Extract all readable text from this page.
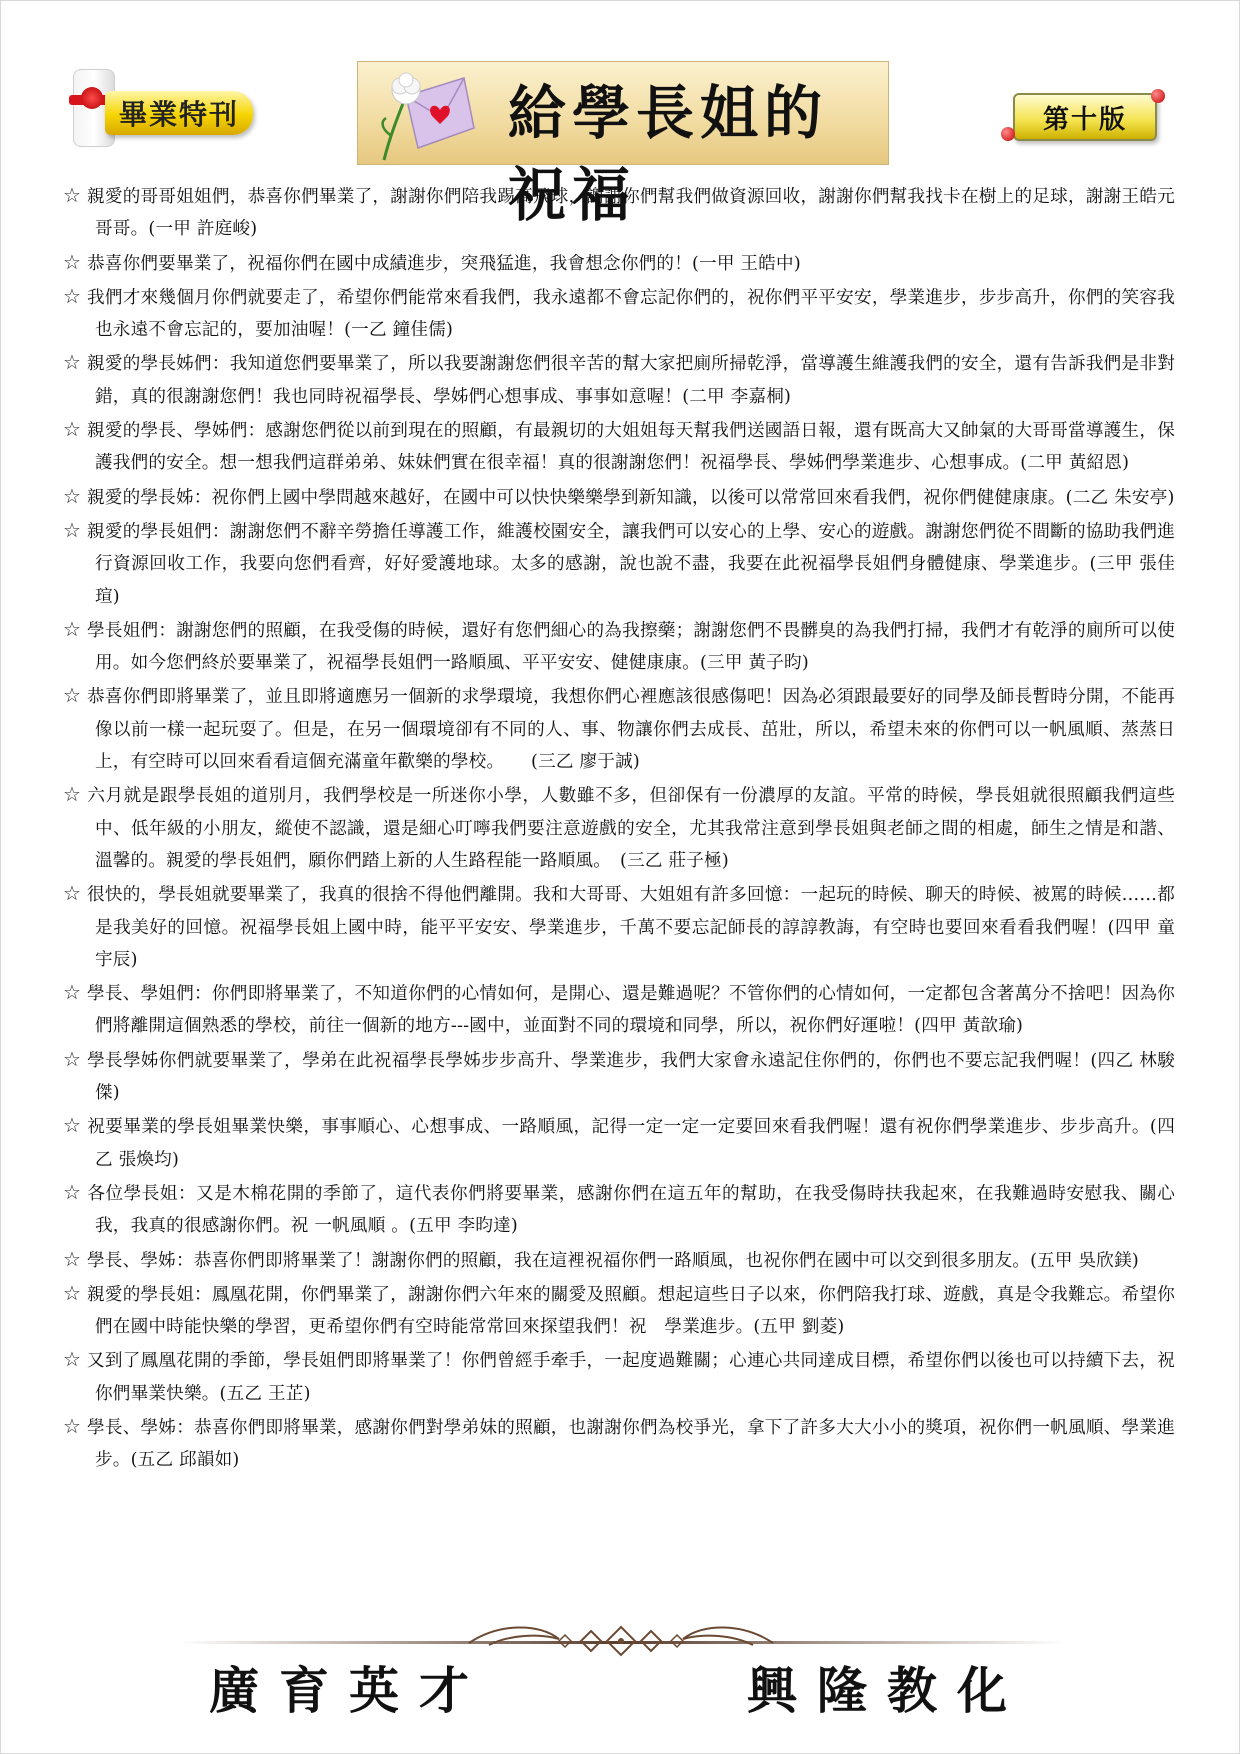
畢業特刊	給學長姐的祝福
第十版
☆ 親愛的哥哥姐姐們，恭喜你們畢業了，謝謝你們陪我踢高飛球，謝謝你們幫我們做資源回收，謝謝你們幫我找卡在樹上的足球，謝謝王皓元哥哥。(一甲 許庭峻)
☆ 恭喜你們要畢業了，祝福你們在國中成績進步，突飛猛進，我會想念你們的！(一甲 王皓中)
☆ 我們才來幾個月你們就要走了，希望你們能常來看我們，我永遠都不會忘記你們的，祝你們平平安安，學業進步，步步高升，你們的笑容我也永遠不會忘記的，要加油喔！(一乙 鐘佳儒)
☆ 親愛的學長姊們：我知道您們要畢業了，所以我要謝謝您們很辛苦的幫大家把廁所掃乾淨，當導護生維護我們的安全，還有告訴我們是非對錯，真的很謝謝您們！我也同時祝福學長、學姊們心想事成、事事如意喔！(二甲 李嘉桐)
☆ 親愛的學長、學姊們：感謝您們從以前到現在的照顧，有最親切的大姐姐每天幫我們送國語日報，還有既高大又帥氣的大哥哥當導護生，保護我們的安全。想一想我們這群弟弟、妹妹們實在很幸福！真的很謝謝您們！祝福學長、學姊們學業進步、心想事成。(二甲 黃紹恩)
☆ 親愛的學長姊：祝你們上國中學問越來越好，在國中可以快快樂樂學到新知識，以後可以常常回來看我們，祝你們健健康康。(二乙 朱安亭)
☆ 親愛的學長姐們：謝謝您們不辭辛勞擔任導護工作，維護校園安全，讓我們可以安心的上學、安心的遊戲。謝謝您們從不間斷的協助我們進行資源回收工作，我要向您們看齊，好好愛護地球。太多的感謝，說也說不盡，我要在此祝福學長姐們身體健康、學業進步。(三甲 張佳瑄)
☆ 學長姐們：謝謝您們的照顧，在我受傷的時候，還好有您們細心的為我擦藥；謝謝您們不畏髒臭的為我們打掃，我們才有乾淨的廁所可以使用。如今您們終於要畢業了，祝福學長姐們一路順風、平平安安、健健康康。(三甲 黃子昀)
☆ 恭喜你們即將畢業了，並且即將適應另一個新的求學環境，我想你們心裡應該很感傷吧！因為必須跟最要好的同學及師長暫時分開，不能再像以前一樣一起玩耍了。但是，在另一個環境卻有不同的人、事、物讓你們去成長、茁壯，所以，希望未來的你們可以一帆風順、蒸蒸日上，有空時可以回來看看這個充滿童年歡樂的學校。　　(三乙 廖于誠)
☆ 六月就是跟學長姐的道別月，我們學校是一所迷你小學，人數雖不多，但卻保有一份濃厚的友誼。平常的時候，學長姐就很照顧我們這些中、低年級的小朋友，縱使不認識，還是細心叮嚀我們要注意遊戲的安全，尤其我常注意到學長姐與老師之間的相處，師生之情是和諧、溫馨的。親愛的學長姐們，願你們踏上新的人生路程能一路順風。　(三乙 莊子極)
☆ 很快的，學長姐就要畢業了，我真的很捨不得他們離開。我和大哥哥、大姐姐有許多回憶：一起玩的時候、聊天的時候、被罵的時候……都是我美好的回憶。祝福學長姐上國中時，能平平安安、學業進步，千萬不要忘記師長的諄諄教誨，有空時也要回來看看我們喔！(四甲 童宇辰)
☆ 學長、學姐們：你們即將畢業了，不知道你們的心情如何，是開心、還是難過呢？不管你們的心情如何，一定都包含著萬分不捨吧！因為你們將離開這個熟悉的學校，前往一個新的地方---國中，並面對不同的環境和同學，所以，祝你們好運啦！(四甲 黃歆瑜)
☆ 學長學姊你們就要畢業了，學弟在此祝福學長學姊步步高升、學業進步，我們大家會永遠記住你們的，你們也不要忘記我們喔！(四乙 林駿傑)
☆ 祝要畢業的學長姐畢業快樂，事事順心、心想事成、一路順風，記得一定一定一定要回來看我們喔！還有祝你們學業進步、步步高升。(四乙 張煥均)
☆ 各位學長姐：又是木棉花開的季節了，這代表你們將要畢業，感謝你們在這五年的幫助，在我受傷時扶我起來，在我難過時安慰我、關心我，我真的很感謝你們。祝 一帆風順 。(五甲 李昀達)
☆ 學長、學姊：恭喜你們即將畢業了！謝謝你們的照顧，我在這裡祝福你們一路順風，也祝你們在國中可以交到很多朋友。(五甲 吳欣鎂)
☆ 親愛的學長姐：鳳凰花開，你們畢業了，謝謝你們六年來的關愛及照顧。想起這些日子以來，你們陪我打球、遊戲，真是令我難忘。希望你們在國中時能快樂的學習，更希望你們有空時能常常回來探望我們！祝　學業進步。(五甲 劉菱)
☆ 又到了鳳凰花開的季節，學長姐們即將畢業了！你們曾經手牽手，一起度過難關；心連心共同達成目標，希望你們以後也可以持續下去，祝你們畢業快樂。(五乙 王芷)
☆ 學長、學姊：恭喜你們即將畢業，感謝你們對學弟妹的照顧，也謝謝你們為校爭光，拿下了許多大大小小的獎項，祝你們一帆風順、學業進步。(五乙 邱韻如)
廣育英才	興隆教化
